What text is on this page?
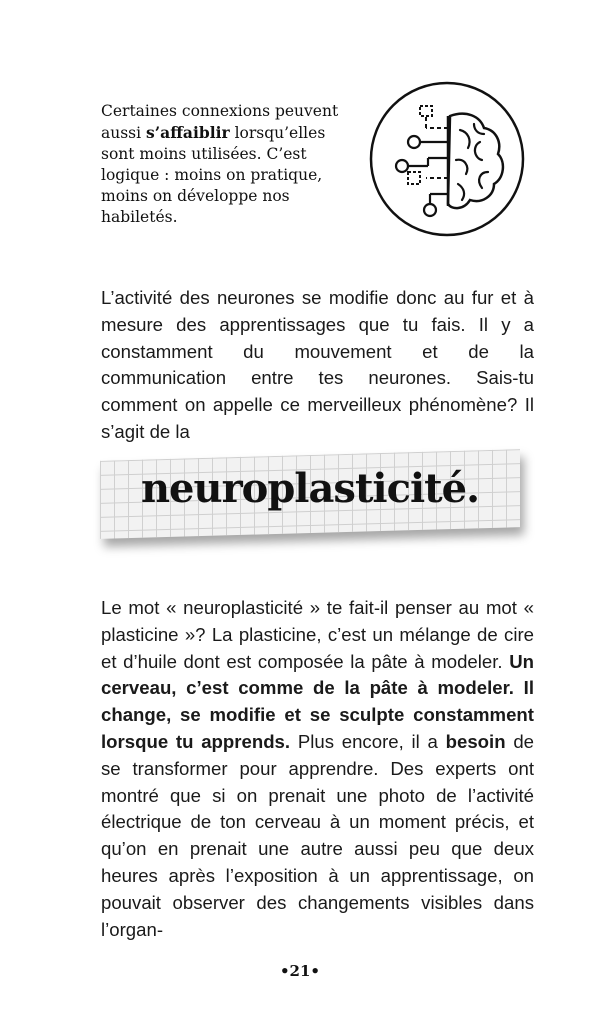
Certaines connexions peuvent aussi s’affaiblir lorsqu’elles sont moins utilisées. C’est logique : moins on pratique, moins on développe nos habiletés.

L’activité des neurones se modifie donc au fur et à mesure des apprentissages que tu fais. Il y a constamment du mouvement et de la communication entre tes neurones. Sais-tu comment on appelle ce merveilleux phénomène? Il s’agit de la

neuroplasticité.

Le mot « neuroplasticité » te fait-il penser au mot « plasticine »? La plasticine, c’est un mélange de cire et d’huile dont est composée la pâte à modeler. Un cerveau, c’est comme de la pâte à modeler. Il change, se modifie et se sculpte constamment lorsque tu apprends. Plus encore, il a besoin de se transformer pour apprendre. Des experts ont montré que si on prenait une photo de l’activité électrique de ton cerveau à un moment précis, et qu’on en prenait une autre aussi peu que deux heures après l’exposition à un apprentissage, on pouvait observer des changements visibles dans l’organ-

•21•
